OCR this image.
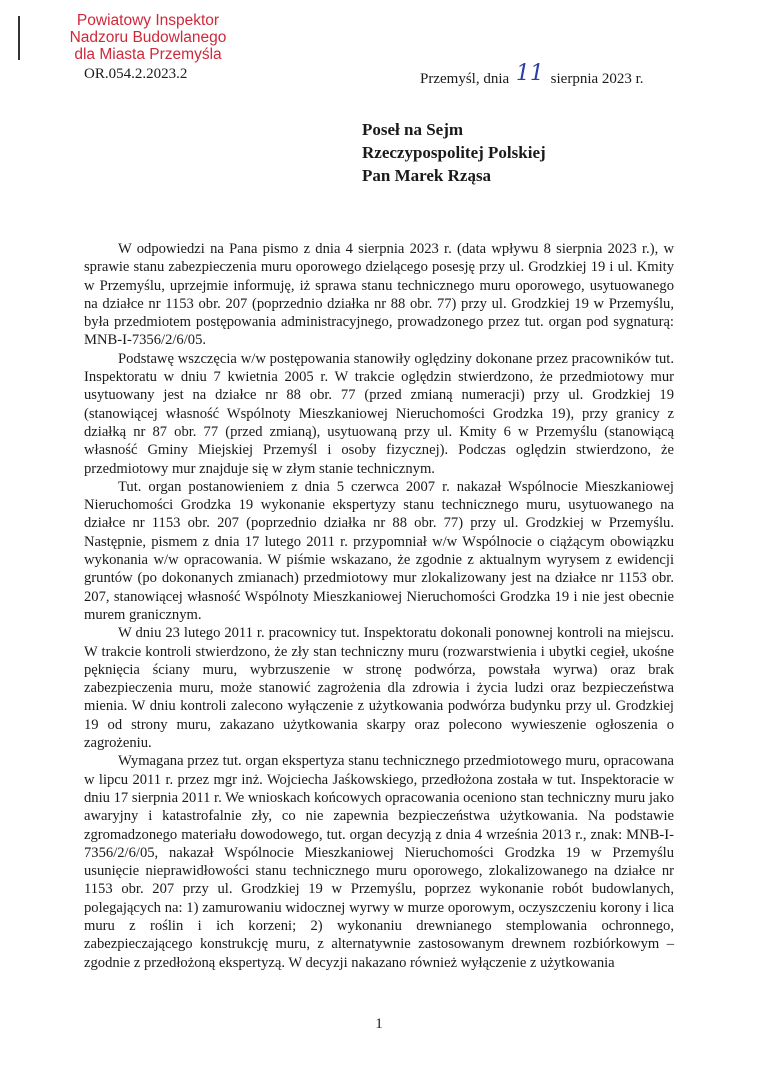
Powiatowy Inspektor
Nadzoru Budowlanego
dla Miasta Przemyśla
OR.054.2.2023.2	Przemyśl, dnia 11 sierpnia 2023 r.
Poseł na Sejm
Rzeczypospolitej Polskiej
Pan Marek Rząsa

W odpowiedzi na Pana pismo z dnia 4 sierpnia 2023 r. (data wpływu 8 sierpnia 2023 r.), w sprawie stanu zabezpieczenia muru oporowego dzielącego posesję przy ul. Grodzkiej 19 i ul. Kmity w Przemyślu, uprzejmie informuję, iż sprawa stanu technicznego muru oporowego, usytuowanego na działce nr 1153 obr. 207 (poprzednio działka nr 88 obr. 77) przy ul. Grodzkiej 19 w Przemyślu, była przedmiotem postępowania administracyjnego, prowadzonego przez tut. organ pod sygnaturą: MNB-I-7356/2/6/05.

Podstawę wszczęcia w/w postępowania stanowiły oględziny dokonane przez pracowników tut. Inspektoratu w dniu 7 kwietnia 2005 r. W trakcie oględzin stwierdzono, że przedmiotowy mur usytuowany jest na działce nr 88 obr. 77 (przed zmianą numeracji) przy ul. Grodzkiej 19 (stanowiącej własność Wspólnoty Mieszkaniowej Nieruchomości Grodzka 19), przy granicy z działką nr 87 obr. 77 (przed zmianą), usytuowaną przy ul. Kmity 6 w Przemyślu (stanowiącą własność Gminy Miejskiej Przemyśl i osoby fizycznej). Podczas oględzin stwierdzono, że przedmiotowy mur znajduje się w złym stanie technicznym.

Tut. organ postanowieniem z dnia 5 czerwca 2007 r. nakazał Wspólnocie Mieszkaniowej Nieruchomości Grodzka 19 wykonanie ekspertyzy stanu technicznego muru, usytuowanego na działce nr 1153 obr. 207 (poprzednio działka nr 88 obr. 77) przy ul. Grodzkiej w Przemyślu. Następnie, pismem z dnia 17 lutego 2011 r. przypomniał w/w Wspólnocie o ciążącym obowiązku wykonania w/w opracowania. W piśmie wskazano, że zgodnie z aktualnym wyrysem z ewidencji gruntów (po dokonanych zmianach) przedmiotowy mur zlokalizowany jest na działce nr 1153 obr. 207, stanowiącej własność Wspólnoty Mieszkaniowej Nieruchomości Grodzka 19 i nie jest obecnie murem granicznym.

W dniu 23 lutego 2011 r. pracownicy tut. Inspektoratu dokonali ponownej kontroli na miejscu. W trakcie kontroli stwierdzono, że zły stan techniczny muru (rozwarstwienia i ubytki cegieł, ukośne pęknięcia ściany muru, wybrzuszenie w stronę podwórza, powstała wyrwa) oraz brak zabezpieczenia muru, może stanowić zagrożenia dla zdrowia i życia ludzi oraz bezpieczeństwa mienia. W dniu kontroli zalecono wyłączenie z użytkowania podwórza budynku przy ul. Grodzkiej 19 od strony muru, zakazano użytkowania skarpy oraz polecono wywieszenie ogłoszenia o zagrożeniu.

Wymagana przez tut. organ ekspertyza stanu technicznego przedmiotowego muru, opracowana w lipcu 2011 r. przez mgr inż. Wojciecha Jaśkowskiego, przedłożona została w tut. Inspektoracie w dniu 17 sierpnia 2011 r. We wnioskach końcowych opracowania oceniono stan techniczny muru jako awaryjny i katastrofalnie zły, co nie zapewnia bezpieczeństwa użytkowania. Na podstawie zgromadzonego materiału dowodowego, tut. organ decyzją z dnia 4 września 2013 r., znak: MNB-I-7356/2/6/05, nakazał Wspólnocie Mieszkaniowej Nieruchomości Grodzka 19 w Przemyślu usunięcie nieprawidłowości stanu technicznego muru oporowego, zlokalizowanego na działce nr 1153 obr. 207 przy ul. Grodzkiej 19 w Przemyślu, poprzez wykonanie robót budowlanych, polegających na: 1) zamurowaniu widocznej wyrwy w murze oporowym, oczyszczeniu korony i lica muru z roślin i ich korzeni; 2) wykonaniu drewnianego stemplowania ochronnego, zabezpieczającego konstrukcję muru, z alternatywnie zastosowanym drewnem rozbiórkowym – zgodnie z przedłożoną ekspertyzą. W decyzji nakazano również wyłączenie z użytkowania

1
